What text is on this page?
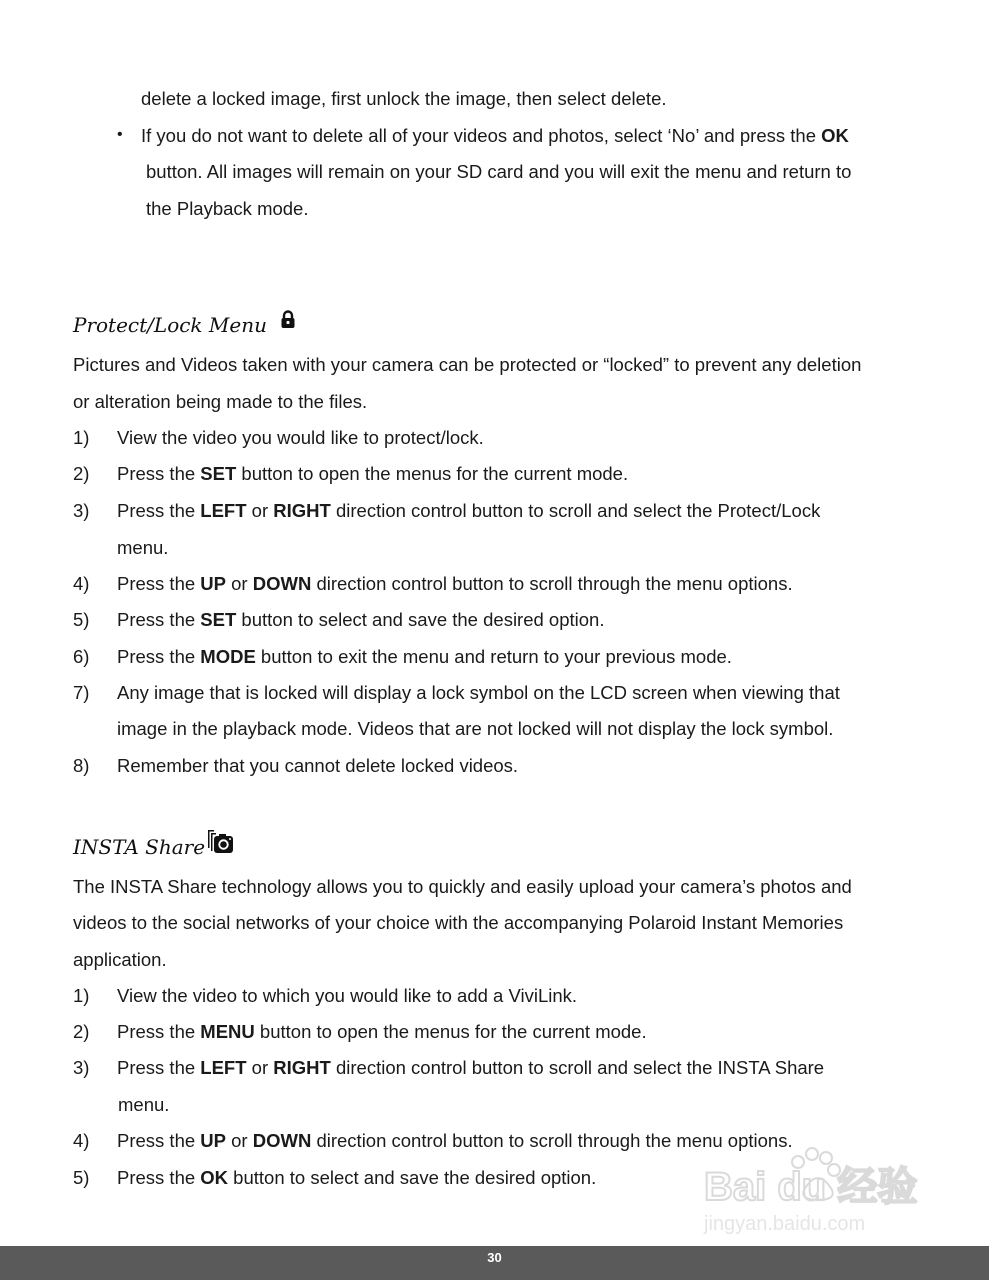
delete a locked image, first unlock the image, then select delete.
• If you do not want to delete all of your videos and photos, select ‘No’ and press the OK
button. All images will remain on your SD card and you will exit the menu and return to
the Playback mode.
Protect/Lock Menu
Pictures and Videos taken with your camera can be protected or “locked” to prevent any deletion
or alteration being made to the files.
1) View the video you would like to protect/lock.
2) Press the SET button to open the menus for the current mode.
3) Press the LEFT or RIGHT direction control button to scroll and select the Protect/Lock
menu.
4) Press the UP or DOWN direction control button to scroll through the menu options.
5) Press the SET button to select and save the desired option.
6) Press the MODE button to exit the menu and return to your previous mode.
7) Any image that is locked will display a lock symbol on the LCD screen when viewing that
image in the playback mode. Videos that are not locked will not display the lock symbol.
8) Remember that you cannot delete locked videos.
INSTA Share
The INSTA Share technology allows you to quickly and easily upload your camera’s photos and
videos to the social networks of your choice with the accompanying Polaroid Instant Memories
application.
1) View the video to which you would like to add a ViviLink.
2) Press the MENU button to open the menus for the current mode.
3) Press the LEFT or RIGHT direction control button to scroll and select the INSTA Share
menu.
4) Press the UP or DOWN direction control button to scroll through the menu options.
5) Press the OK button to select and save the desired option.	Bai du 经验
jingyan.baidu.com
30
